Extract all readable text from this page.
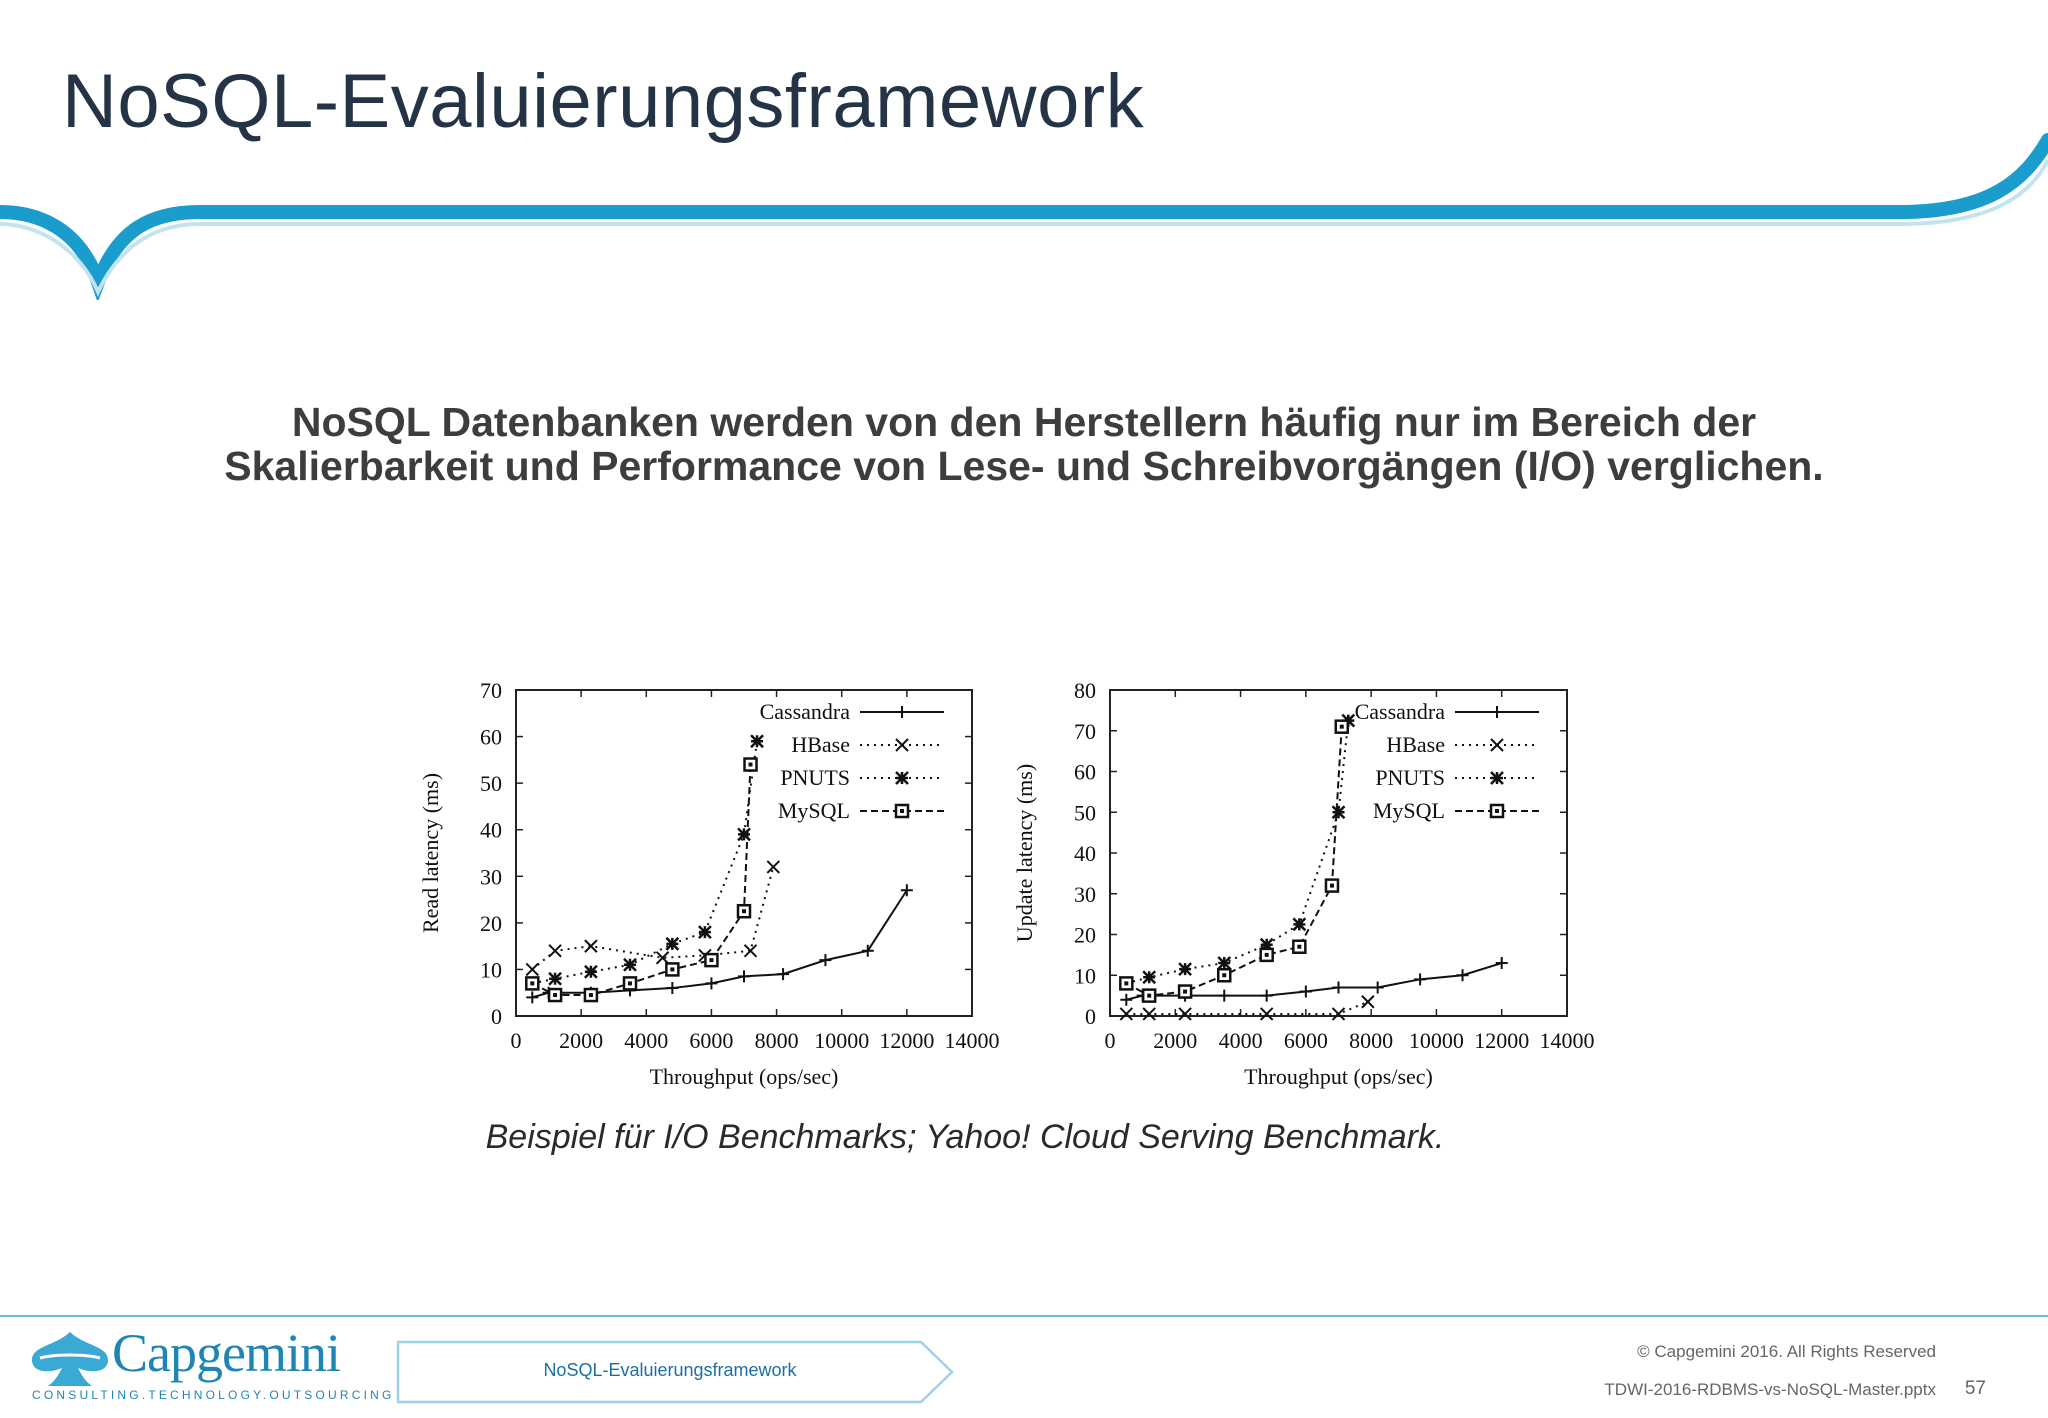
NoSQL-Evaluierungsframework
NoSQL Datenbanken werden von den Herstellern häufig nur im Bereich der
Skalierbarkeit und Performance von Lese- und Schreibvorgängen (I/O) verglichen.
0 2000 4000 6000 8000 10000 12000 14000
0
10
20
30
40
50
60
70
Throughput (ops/sec)
Read latency (ms)
Cassandra
HBase
PNUTS
MySQL
0 2000 4000 6000 8000 10000 12000 14000
0
10
20
30
40
50
60
70
80
Throughput (ops/sec)
Update latency (ms)
Cassandra
HBase
PNUTS
MySQL
Beispiel für I/O Benchmarks; Yahoo! Cloud Serving Benchmark.
Capgemini
CONSULTING.TECHNOLOGY.OUTSOURCING
NoSQL-Evaluierungsframework
© Capgemini 2016. All Rights Reserved
TDWI-2016-RDBMS-vs-NoSQL-Master.pptx 57
